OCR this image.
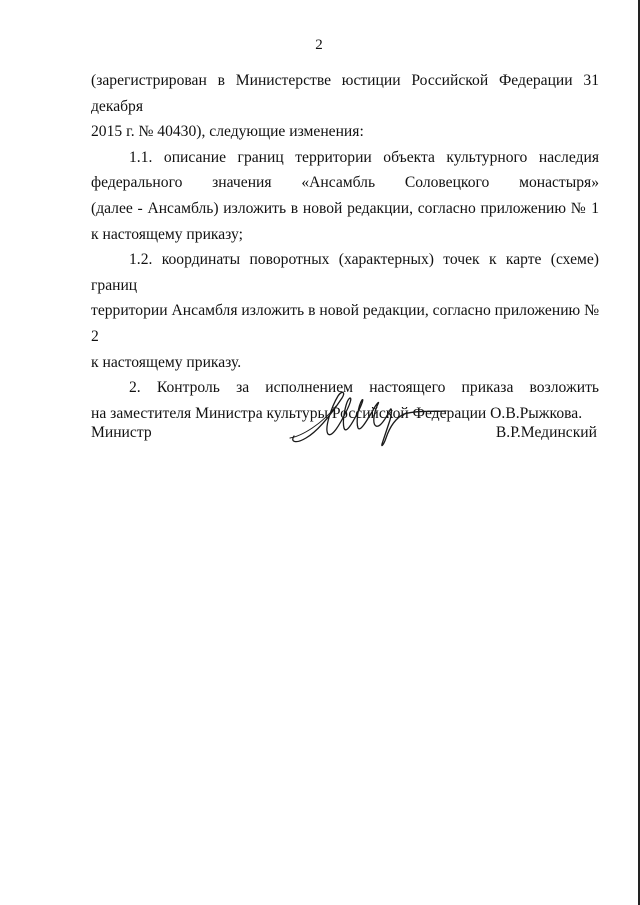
2

(зарегистрирован в Министерстве юстиции Российской Федерации 31 декабря
2015 г. № 40430), следующие изменения:

1.1. описание границ территории объекта культурного наследия
федерального значения «Ансамбль Соловецкого монастыря»
(далее - Ансамбль) изложить в новой редакции, согласно приложению № 1
к настоящему приказу;

1.2. координаты поворотных (характерных) точек к карте (схеме) границ
территории Ансамбля изложить в новой редакции, согласно приложению № 2
к настоящему приказу.

2. Контроль за исполнением настоящего приказа возложить
на заместителя Министра культуры Российской Федерации О.В.Рыжкова.

Министр	В.Р.Мединский
